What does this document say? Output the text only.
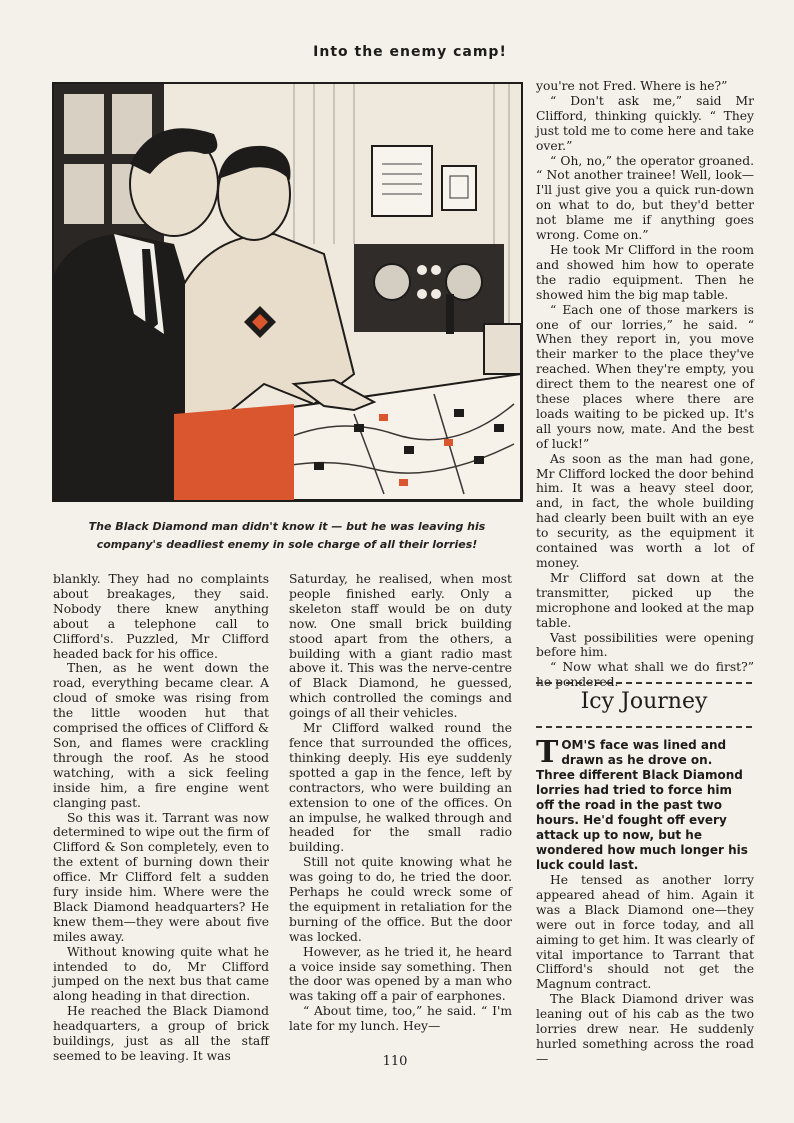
Into the enemy camp!
The Black Diamond man didn't know it — but he was leaving his
company's deadliest enemy in sole charge of all their lorries!

blankly. They had no complaints about breakages, they said. Nobody there knew anything about a telephone call to Clifford's. Puzzled, Mr Clifford headed back for his office.

Then, as he went down the road, everything became clear. A cloud of smoke was rising from the little wooden hut that comprised the offices of Clifford & Son, and flames were crackling through the roof. As he stood watching, with a sick feeling inside him, a fire engine went clanging past.

So this was it. Tarrant was now determined to wipe out the firm of Clifford & Son completely, even to the extent of burning down their office. Mr Clifford felt a sudden fury inside him. Where were the Black Diamond headquarters? He knew them—they were about five miles away.

Without knowing quite what he intended to do, Mr Clifford jumped on the next bus that came along heading in that direction.

He reached the Black Diamond headquarters, a group of brick buildings, just as all the staff seemed to be leaving. It was

Saturday, he realised, when most people finished early. Only a skeleton staff would be on duty now. One small brick building stood apart from the others, a building with a giant radio mast above it. This was the nerve-centre of Black Diamond, he guessed, which controlled the comings and goings of all their vehicles.

Mr Clifford walked round the fence that surrounded the offices, thinking deeply. His eye suddenly spotted a gap in the fence, left by contractors, who were building an extension to one of the offices. On an impulse, he walked through and headed for the small radio building.

Still not quite knowing what he was going to do, he tried the door. Perhaps he could wreck some of the equipment in retaliation for the burning of the office. But the door was locked.

However, as he tried it, he heard a voice inside say something. Then the door was opened by a man who was taking off a pair of earphones.

“ About time, too,” he said. “ I'm late for my lunch. Hey—

you're not Fred. Where is he?”

“ Don't ask me,” said Mr Clifford, thinking quickly. “ They just told me to come here and take over.”

“ Oh, no,” the operator groaned. “ Not another trainee! Well, look—I'll just give you a quick run-down on what to do, but they'd better not blame me if anything goes wrong. Come on.”

He took Mr Clifford in the room and showed him how to operate the radio equipment. Then he showed him the big map table.

“ Each one of those markers is one of our lorries,” he said. “ When they report in, you move their marker to the place they've reached. When they're empty, you direct them to the nearest one of these places where there are loads waiting to be picked up. It's all yours now, mate. And the best of luck!”

As soon as the man had gone, Mr Clifford locked the door behind him. It was a heavy steel door, and, in fact, the whole building had clearly been built with an eye to security, as the equipment it contained was worth a lot of money.

Mr Clifford sat down at the transmitter, picked up the microphone and looked at the map table.

Vast possibilities were opening before him.

“ Now what shall we do first?” he pondered.

Icy Journey

TOM'S face was lined and drawn as he drove on. Three different Black Diamond lorries had tried to force him off the road in the past two hours. He'd fought off every attack up to now, but he wondered how much longer his luck could last.

He tensed as another lorry appeared ahead of him. Again it was a Black Diamond one—they were out in force today, and all aiming to get him. It was clearly of vital importance to Tarrant that Clifford's should not get the Magnum contract.

The Black Diamond driver was leaning out of his cab as the two lorries drew near. He suddenly hurled something across the road—

110
